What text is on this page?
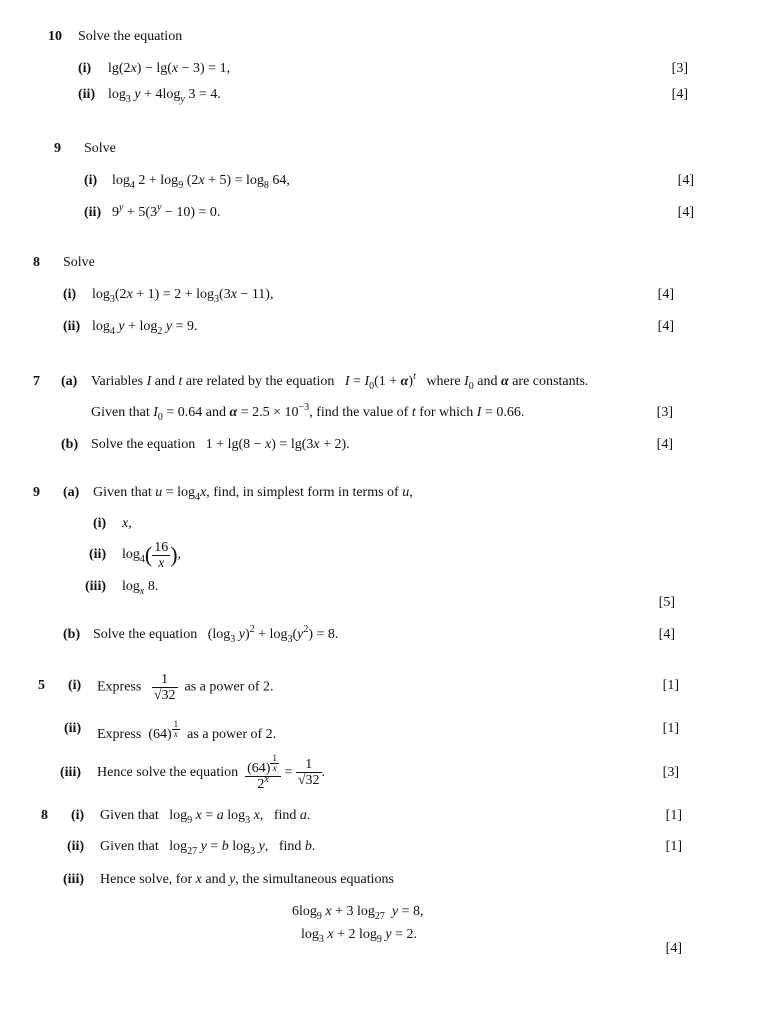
10 Solve the equation
(i) lg(2x) − lg(x − 3) = 1,	[3]
(ii) $\log_3 y + 4\log_y$ 3 = 4.	[4]
9 Solve
(i) $\log_4 2 + \log_9 (2x + 5) = \log_8 64$,	[4]
(ii) $9^y + 5(3^y - 10) = 0$.	[4]
8 Solve
(i) $\log_3(2x + 1) = 2 + \log_3(3x - 11)$,	[4]
(ii) $\log_4 y + \log_2 y = 9$.	[4]
7 (a) Variables I and t are related by the equation   $I = I_0(1 + \alpha)^t$   where $I_0$ and α are constants.
Given that $I_0 = 0.64$ and $\alpha = 2.5 \times 10^{-3}$, find the value of t for which I = 0.66.	[3]
(b) Solve the equation   1 + lg(8 − x) = lg(3x + 2).	[4]
9 (a) Given that $u = \log_4x$, find, in simplest form in terms of u,
(i) x,
(ii) $\log_4( \frac{16}{x}$ ),
(iii) $\log_x 8$.
[5]
(b) Solve the equation   ($\log_3$ $y)^2 + \log_3(y^2) = 8$.	[4]
5 (i) Express $\frac{1}{√32}$ as a power of 2.	[1]
(ii) Express  (64) $^{\frac{1}{x}}$ as a power of 2.	[1]
(iii) Hence solve the equation (64) $^{\frac{1}{x}}$
$2^x = \frac{1}{√32}$ .	[3]
8 (i) Given that   $\log_9 x = a$ $\log_3 x$,   find a.	[1]
(ii) Given that   $\log_{27} y = b$ $\log_3 y$,   find b.	[1]
(iii) Hence solve, for x and y, the simultaneous equations
$6\log_9$ x + 3 $\log_{27} y = 8$,
$\log_3 x + 2$ $\log_9 y = 2$.
[4]
